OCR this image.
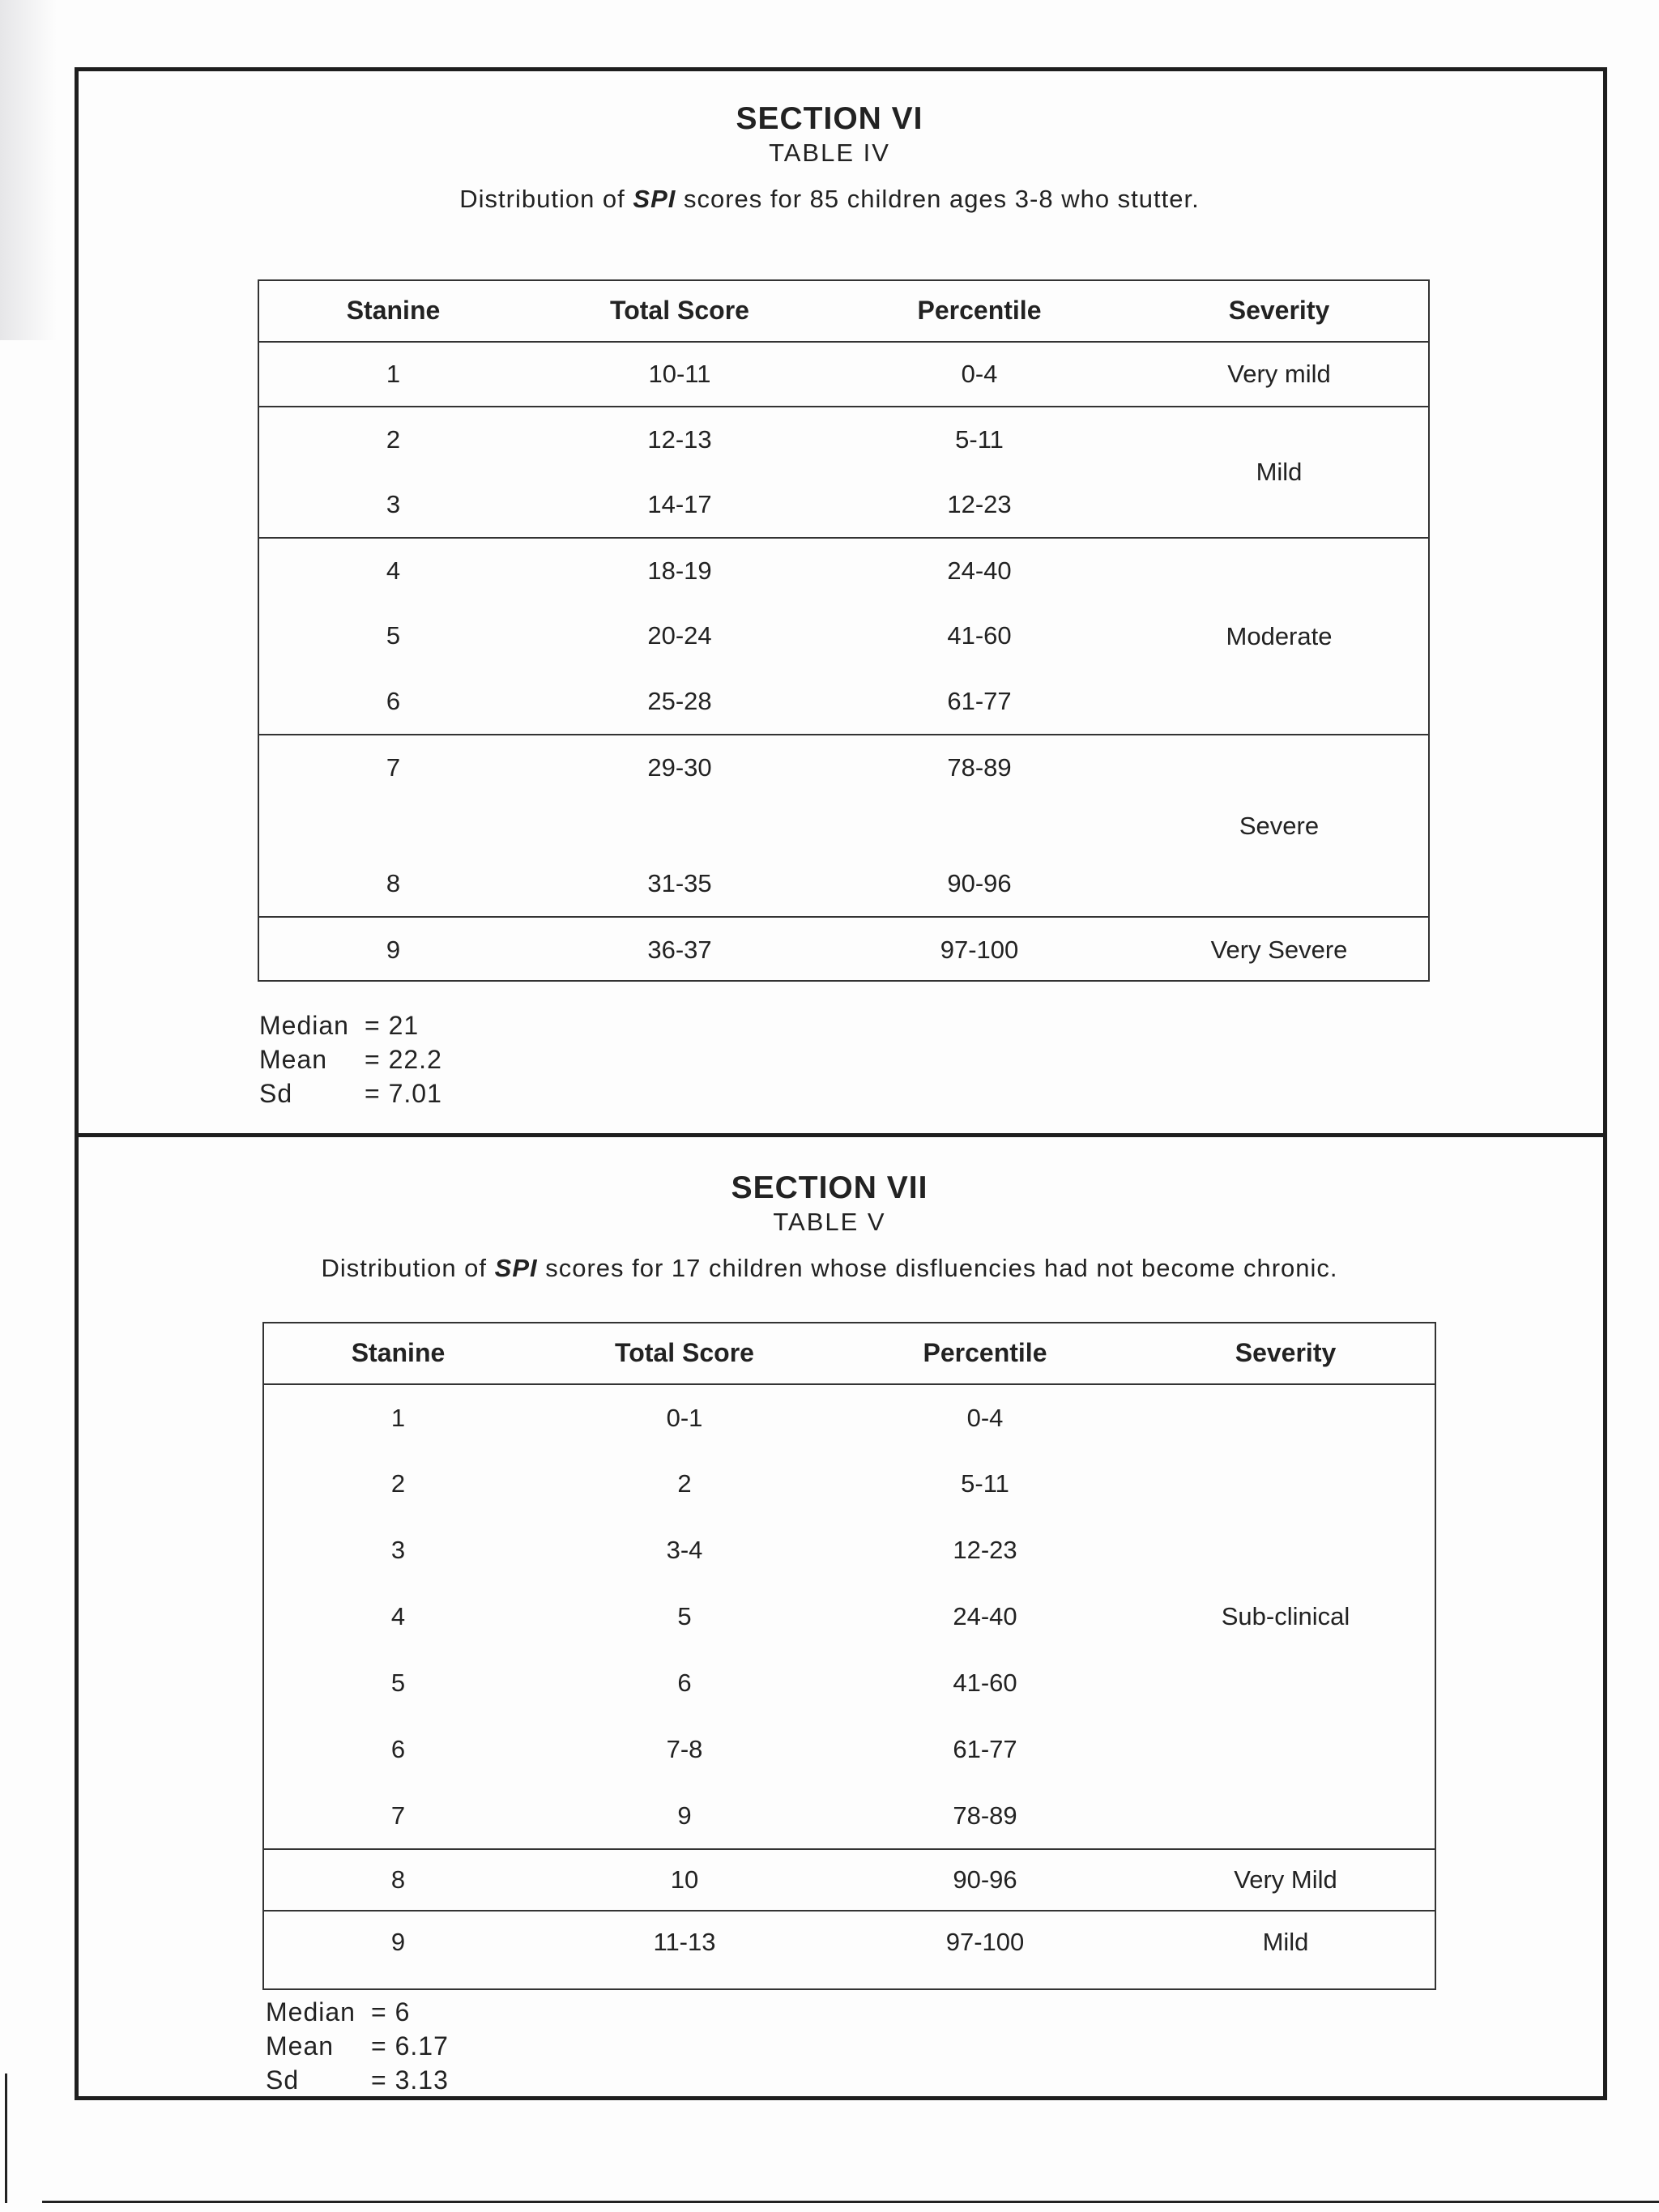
SECTION VI
TABLE IV
Distribution of SPI scores for 85 children ages 3-8 who stutter.
Stanine	Total Score	Percentile	Severity
1	10-11	0-4	Very mild
2	12-13	5-11	Mild
3	14-17	12-23	
4	18-19	24-40	Moderate
5	20-24	41-60	
6	25-28	61-77	
7	29-30	78-89	Severe

8	31-35	90-96	
9	36-37	97-100	Very Severe
Median = 21
Mean	= 22.2
Sd	= 7.01
SECTION VII
TABLE V
Distribution of SPI scores for 17 children whose disfluencies had not become chronic.
Stanine	Total Score	Percentile	Severity
1	0-1	0-4	Sub-clinical
2	2	5-11	
3	3-4	12-23	
4	5	24-40	
5	6	41-60	
6	7-8	61-77	
7	9	78-89	
8	10	90-96	Very Mild
9	11-13	97-100	Mild
Median = 6
Mean	= 6.17
Sd	= 3.13
